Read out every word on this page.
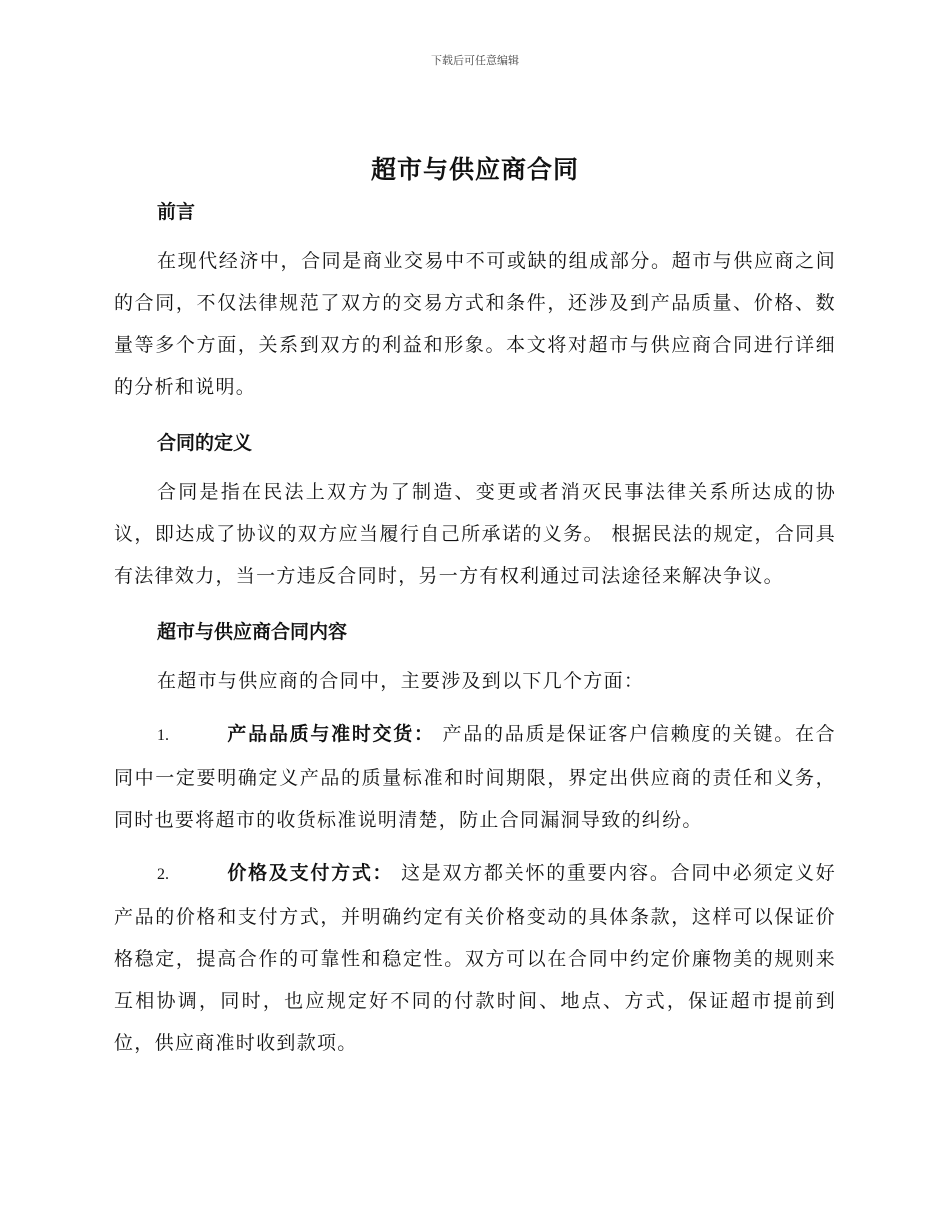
下载后可任意编辑
超市与供应商合同

前言

在现代经济中，合同是商业交易中不可或缺的组成部分。超市与供应商之间的合同，不仅法律规范了双方的交易方式和条件，还涉及到产品质量、价格、数量等多个方面，关系到双方的利益和形象。本文将对超市与供应商合同进行详细的分析和说明。

合同的定义

合同是指在民法上双方为了制造、变更或者消灭民事法律关系所达成的协议，即达成了协议的双方应当履行自己所承诺的义务。 根据民法的规定，合同具有法律效力，当一方违反合同时，另一方有权利通过司法途径来解决争议。

超市与供应商合同内容

在超市与供应商的合同中，主要涉及到以下几个方面：

1.	产品品质与准时交货： 产品的品质是保证客户信赖度的关键。在合同中一定要明确定义产品的质量标准和时间期限，界定出供应商的责任和义务，同时也要将超市的收货标准说明清楚，防止合同漏洞导致的纠纷。

2.	价格及支付方式： 这是双方都关怀的重要内容。合同中必须定义好产品的价格和支付方式，并明确约定有关价格变动的具体条款，这样可以保证价格稳定，提高合作的可靠性和稳定性。双方可以在合同中约定价廉物美的规则来互相协调，同时，也应规定好不同的付款时间、地点、方式，保证超市提前到位，供应商准时收到款项。
